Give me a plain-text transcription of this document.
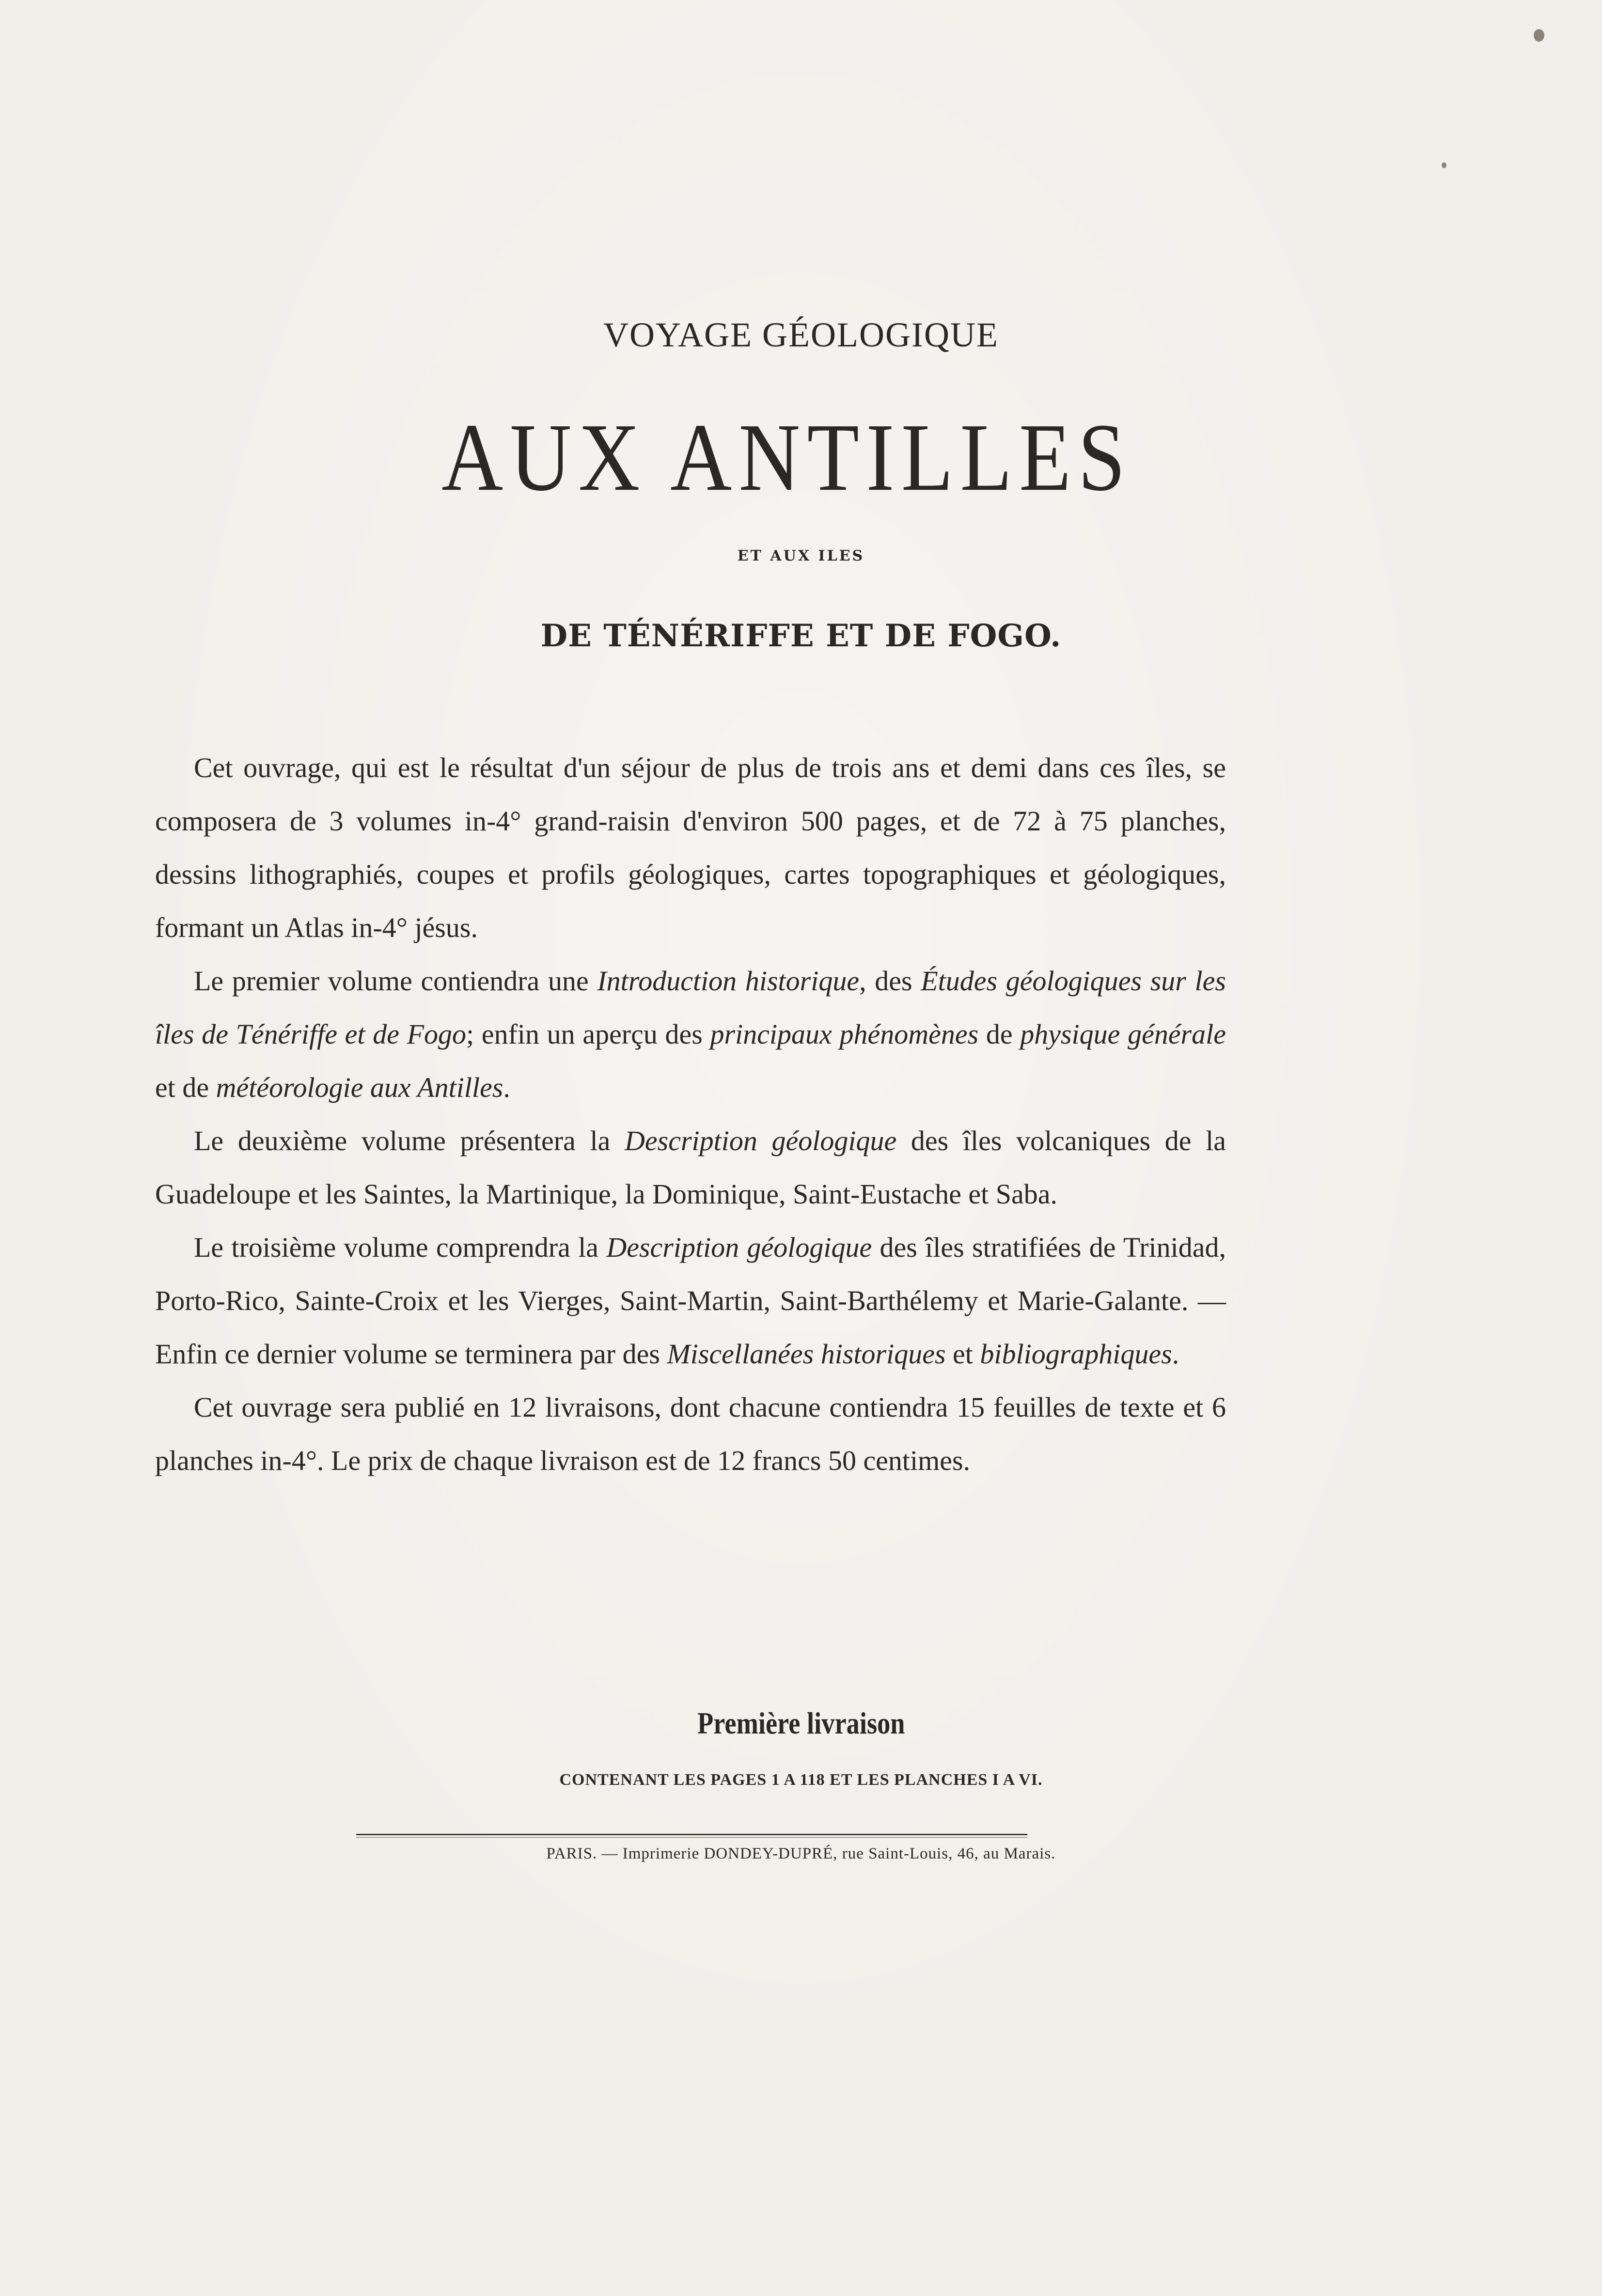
VOYAGE GÉOLOGIQUE
AUX ANTILLES
ET AUX ILES
DE TÉNÉRIFFE ET DE FOGO.

Cet ouvrage, qui est le résultat d'un séjour de plus de trois ans et demi dans ces îles, se composera de 3 volumes in-4° grand-raisin d'environ 500 pages, et de 72 à 75 planches, dessins lithographiés, coupes et profils géologiques, cartes topographiques et géologiques, formant un Atlas in-4° jésus.

Le premier volume contiendra une Introduction historique, des Études géologiques sur les îles de Ténériffe et de Fogo; enfin un aperçu des principaux phénomènes de physique générale et de météorologie aux Antilles.

Le deuxième volume présentera la Description géologique des îles volcaniques de la Guadeloupe et les Saintes, la Martinique, la Dominique, Saint-Eustache et Saba.

Le troisième volume comprendra la Description géologique des îles stratifiées de Trinidad, Porto-Rico, Sainte-Croix et les Vierges, Saint-Martin, Saint-Barthélemy et Marie-Galante. — Enfin ce dernier volume se terminera par des Miscellanées historiques et bibliographiques.

Cet ouvrage sera publié en 12 livraisons, dont chacune contiendra 15 feuilles de texte et 6 planches in-4°. Le prix de chaque livraison est de 12 francs 50 centimes.

Première livraison
CONTENANT LES PAGES 1 A 118 ET LES PLANCHES I A VI.
PARIS. — Imprimerie DONDEY-DUPRÉ, rue Saint-Louis, 46, au Marais.
